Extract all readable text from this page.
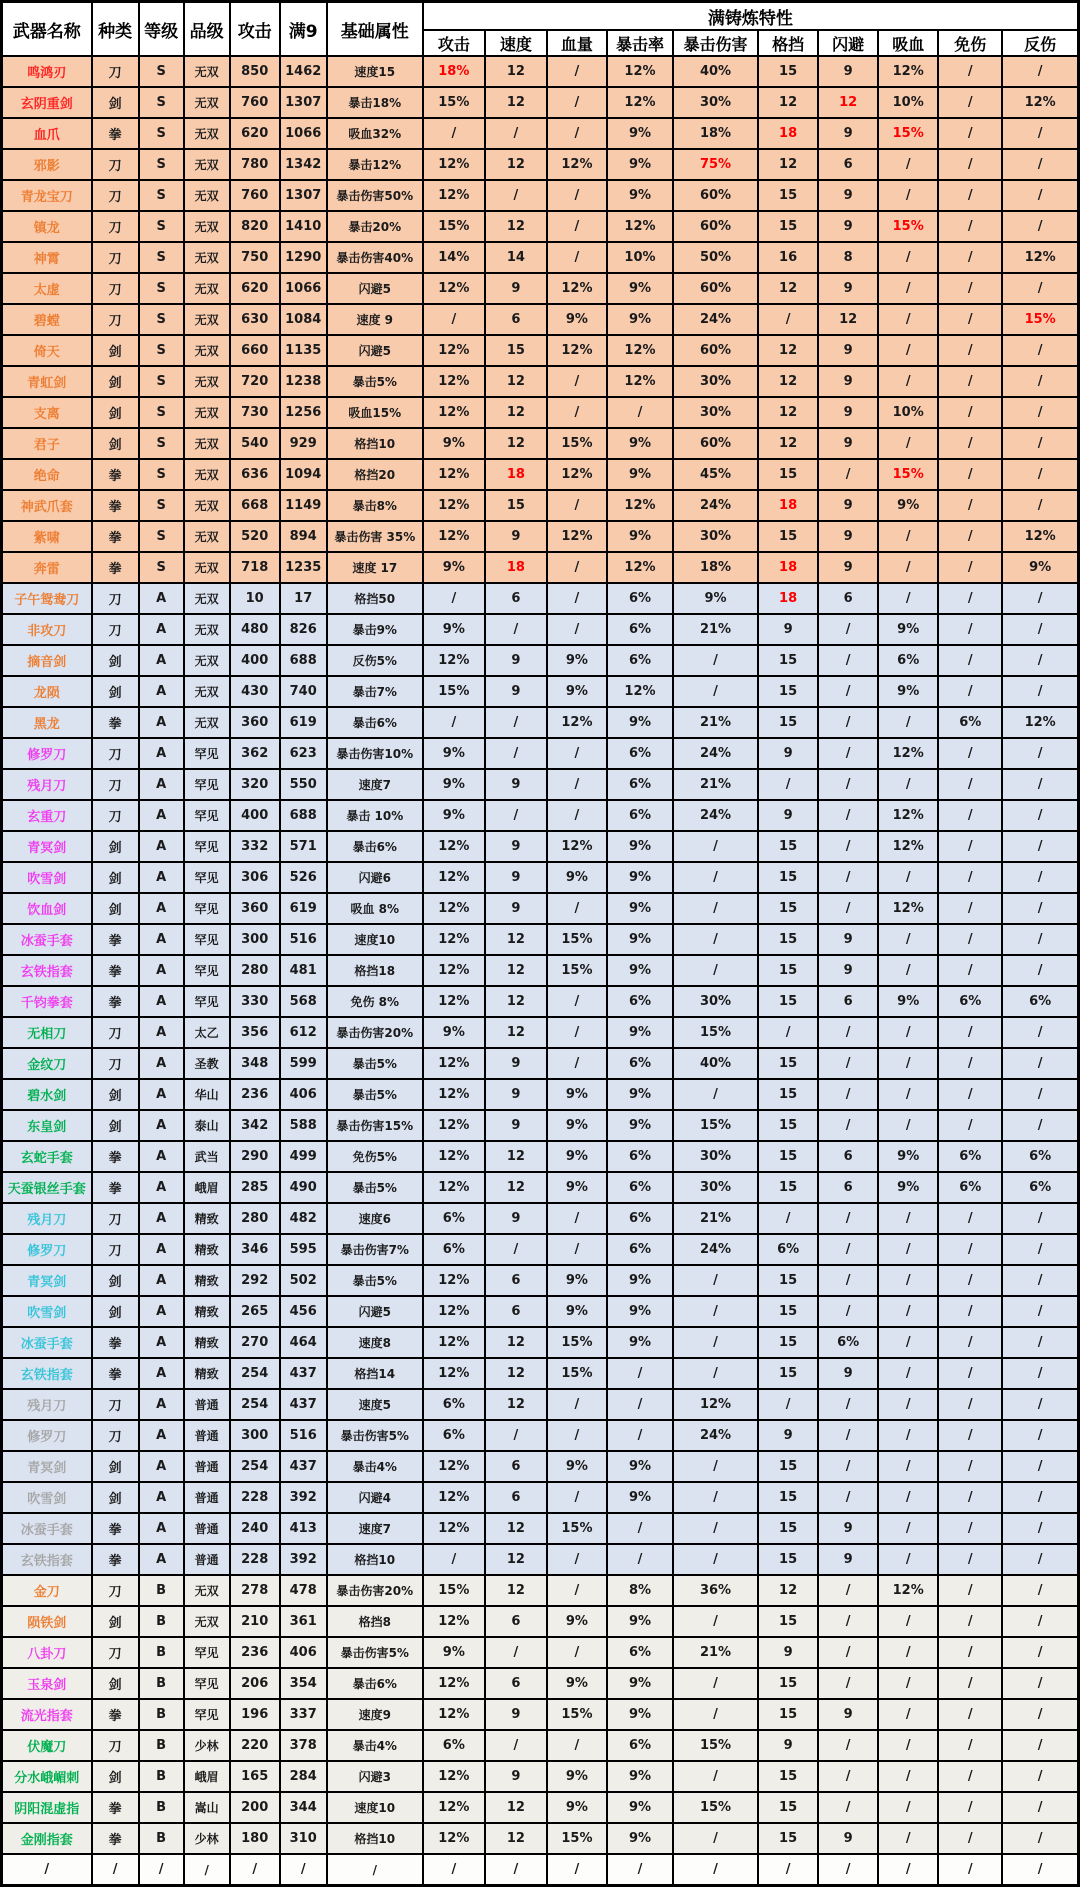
武器名称	种类	等级	品级	攻击	满9	基础属性	满铸炼特性									
							攻击	速度	血量	暴击率	暴击伤害	格挡	闪避	吸血	免伤	反伤
鸣鸿刃	刀	S	无双	850	1462	速度15	18%	12	/	12%	40%	15	9	12%	/	/
玄阴重剑	剑	S	无双	760	1307	暴击18%	15%	12	/	12%	30%	12	12	10%	/	12%
血爪	拳	S	无双	620	1066	吸血32%	/	/	/	9%	18%	18	9	15%	/	/
邪影	刀	S	无双	780	1342	暴击12%	12%	12	12%	9%	75%	12	6	/	/	/
青龙宝刀	刀	S	无双	760	1307	暴击伤害50%	12%	/	/	9%	60%	15	9	/	/	/
镇龙	刀	S	无双	820	1410	暴击20%	15%	12	/	12%	60%	15	9	15%	/	/
神霄	刀	S	无双	750	1290	暴击伤害40%	14%	14	/	10%	50%	16	8	/	/	12%
太虚	刀	S	无双	620	1066	闪避5	12%	9	12%	9%	60%	12	9	/	/	/
碧螳	刀	S	无双	630	1084	速度 9	/	6	9%	9%	24%	/	12	/	/	15%
倚天	剑	S	无双	660	1135	闪避5	12%	15	12%	12%	60%	12	9	/	/	/
青虹剑	剑	S	无双	720	1238	暴击5%	12%	12	/	12%	30%	12	9	/	/	/
支离	剑	S	无双	730	1256	吸血15%	12%	12	/	/	30%	12	9	10%	/	/
君子	剑	S	无双	540	929	格挡10	9%	12	15%	9%	60%	12	9	/	/	/
绝命	拳	S	无双	636	1094	格挡20	12%	18	12%	9%	45%	15	/	15%	/	/
神武爪套	拳	S	无双	668	1149	暴击8%	12%	15	/	12%	24%	18	9	9%	/	/
紫啸	拳	S	无双	520	894	暴击伤害 35%	12%	9	12%	9%	30%	15	9	/	/	12%
奔雷	拳	S	无双	718	1235	速度 17	9%	18	/	12%	18%	18	9	/	/	9%
子午鸳鸯刀	刀	A	无双	10	17	格挡50	/	6	/	6%	9%	18	6	/	/	/
非攻刀	刀	A	无双	480	826	暴击9%	9%	/	/	6%	21%	9	/	9%	/	/
摘音剑	剑	A	无双	400	688	反伤5%	12%	9	9%	6%	/	15	/	6%	/	/
龙陨	剑	A	无双	430	740	暴击7%	15%	9	9%	12%	/	15	/	9%	/	/
黑龙	拳	A	无双	360	619	暴击6%	/	/	12%	9%	21%	15	/	/	6%	12%
修罗刀	刀	A	罕见	362	623	暴击伤害10%	9%	/	/	6%	24%	9	/	12%	/	/
残月刀	刀	A	罕见	320	550	速度7	9%	9	/	6%	21%	/	/	/	/	/
玄重刀	刀	A	罕见	400	688	暴击 10%	9%	/	/	6%	24%	9	/	12%	/	/
青冥剑	剑	A	罕见	332	571	暴击6%	12%	9	12%	9%	/	15	/	12%	/	/
吹雪剑	剑	A	罕见	306	526	闪避6	12%	9	9%	9%	/	15	/	/	/	/
饮血剑	剑	A	罕见	360	619	吸血 8%	12%	9	/	9%	/	15	/	12%	/	/
冰蚕手套	拳	A	罕见	300	516	速度10	12%	12	15%	9%	/	15	9	/	/	/
玄铁指套	拳	A	罕见	280	481	格挡18	12%	12	15%	9%	/	15	9	/	/	/
千钧拳套	拳	A	罕见	330	568	免伤 8%	12%	12	/	6%	30%	15	6	9%	6%	6%
无相刀	刀	A	太乙	356	612	暴击伤害20%	9%	12	/	9%	15%	/	/	/	/	/
金纹刀	刀	A	圣教	348	599	暴击5%	12%	9	/	6%	40%	15	/	/	/	/
碧水剑	剑	A	华山	236	406	暴击5%	12%	9	9%	9%	/	15	/	/	/	/
东皇剑	剑	A	泰山	342	588	暴击伤害15%	12%	9	9%	9%	15%	15	/	/	/	/
玄蛇手套	拳	A	武当	290	499	免伤5%	12%	12	9%	6%	30%	15	6	9%	6%	6%
天蚕银丝手套	拳	A	峨眉	285	490	暴击5%	12%	12	9%	6%	30%	15	6	9%	6%	6%
残月刀	刀	A	精致	280	482	速度6	6%	9	/	6%	21%	/	/	/	/	/
修罗刀	刀	A	精致	346	595	暴击伤害7%	6%	/	/	6%	24%	6%	/	/	/	/
青冥剑	剑	A	精致	292	502	暴击5%	12%	6	9%	9%	/	15	/	/	/	/
吹雪剑	剑	A	精致	265	456	闪避5	12%	6	9%	9%	/	15	/	/	/	/
冰蚕手套	拳	A	精致	270	464	速度8	12%	12	15%	9%	/	15	6%	/	/	/
玄铁指套	拳	A	精致	254	437	格挡14	12%	12	15%	/	/	15	9	/	/	/
残月刀	刀	A	普通	254	437	速度5	6%	12	/	/	12%	/	/	/	/	/
修罗刀	刀	A	普通	300	516	暴击伤害5%	6%	/	/	/	24%	9	/	/	/	/
青冥剑	剑	A	普通	254	437	暴击4%	12%	6	9%	9%	/	15	/	/	/	/
吹雪剑	剑	A	普通	228	392	闪避4	12%	6	/	9%	/	15	/	/	/	/
冰蚕手套	拳	A	普通	240	413	速度7	12%	12	15%	/	/	15	9	/	/	/
玄铁指套	拳	A	普通	228	392	格挡10	/	12	/	/	/	15	9	/	/	/
金刀	刀	B	无双	278	478	暴击伤害20%	15%	12	/	8%	36%	12	/	12%	/	/
陨铁剑	剑	B	无双	210	361	格挡8	12%	6	9%	9%	/	15	/	/	/	/
八卦刀	刀	B	罕见	236	406	暴击伤害5%	9%	/	/	6%	21%	9	/	/	/	/
玉泉剑	剑	B	罕见	206	354	暴击6%	12%	6	9%	9%	/	15	/	/	/	/
流光指套	拳	B	罕见	196	337	速度9	12%	9	15%	9%	/	15	9	/	/	/
伏魔刀	刀	B	少林	220	378	暴击4%	6%	/	/	6%	15%	9	/	/	/	/
分水峨嵋刺	剑	B	峨眉	165	284	闪避3	12%	9	9%	9%	/	15	/	/	/	/
阴阳混虚指	拳	B	嵩山	200	344	速度10	12%	12	9%	9%	15%	15	/	/	/	/
金刚指套	拳	B	少林	180	310	格挡10	12%	12	15%	9%	/	15	9	/	/	/
/	/	/	/	/	/	/	/	/	/	/	/	/	/	/	/	/
